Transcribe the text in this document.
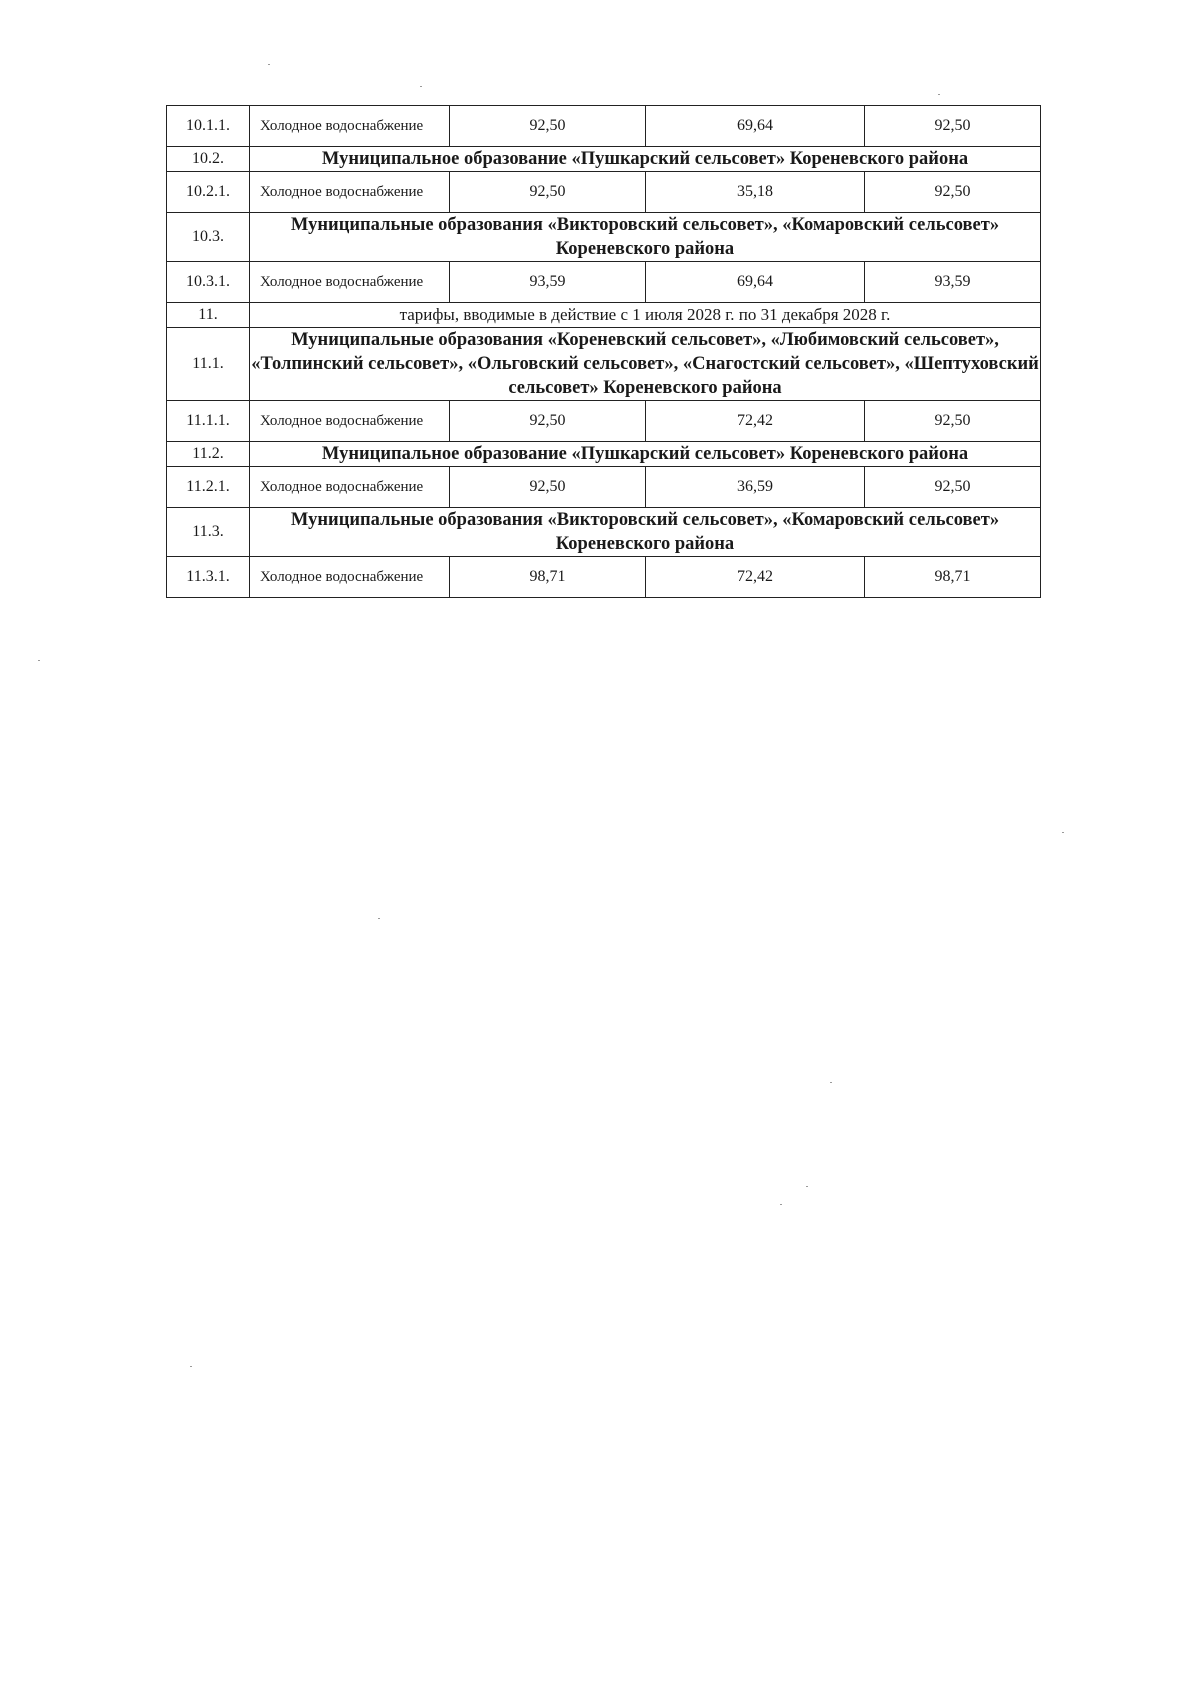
10.1.1.	Холодное водоснабжение	92,50	69,64	92,50
10.2.	Муниципальное образование «Пушкарский сельсовет» Кореневского района			
10.2.1.	Холодное водоснабжение	92,50	35,18	92,50
10.3.	Муниципальные образования «Викторовский сельсовет», «Комаровский сельсовет» Кореневского района			
10.3.1.	Холодное водоснабжение	93,59	69,64	93,59
11.	тарифы, вводимые в действие с 1 июля 2028 г. по 31 декабря 2028 г.			
11.1.	Муниципальные образования «Кореневский сельсовет», «Любимовский сельсовет», «Толпинский сельсовет», «Ольговский сельсовет», «Снагостский сельсовет», «Шептуховский сельсовет» Кореневского района			
11.1.1.	Холодное водоснабжение	92,50	72,42	92,50
11.2.	Муниципальное образование «Пушкарский сельсовет» Кореневского района			
11.2.1.	Холодное водоснабжение	92,50	36,59	92,50
11.3.	Муниципальные образования «Викторовский сельсовет», «Комаровский сельсовет» Кореневского района			
11.3.1.	Холодное водоснабжение	98,71	72,42	98,71
